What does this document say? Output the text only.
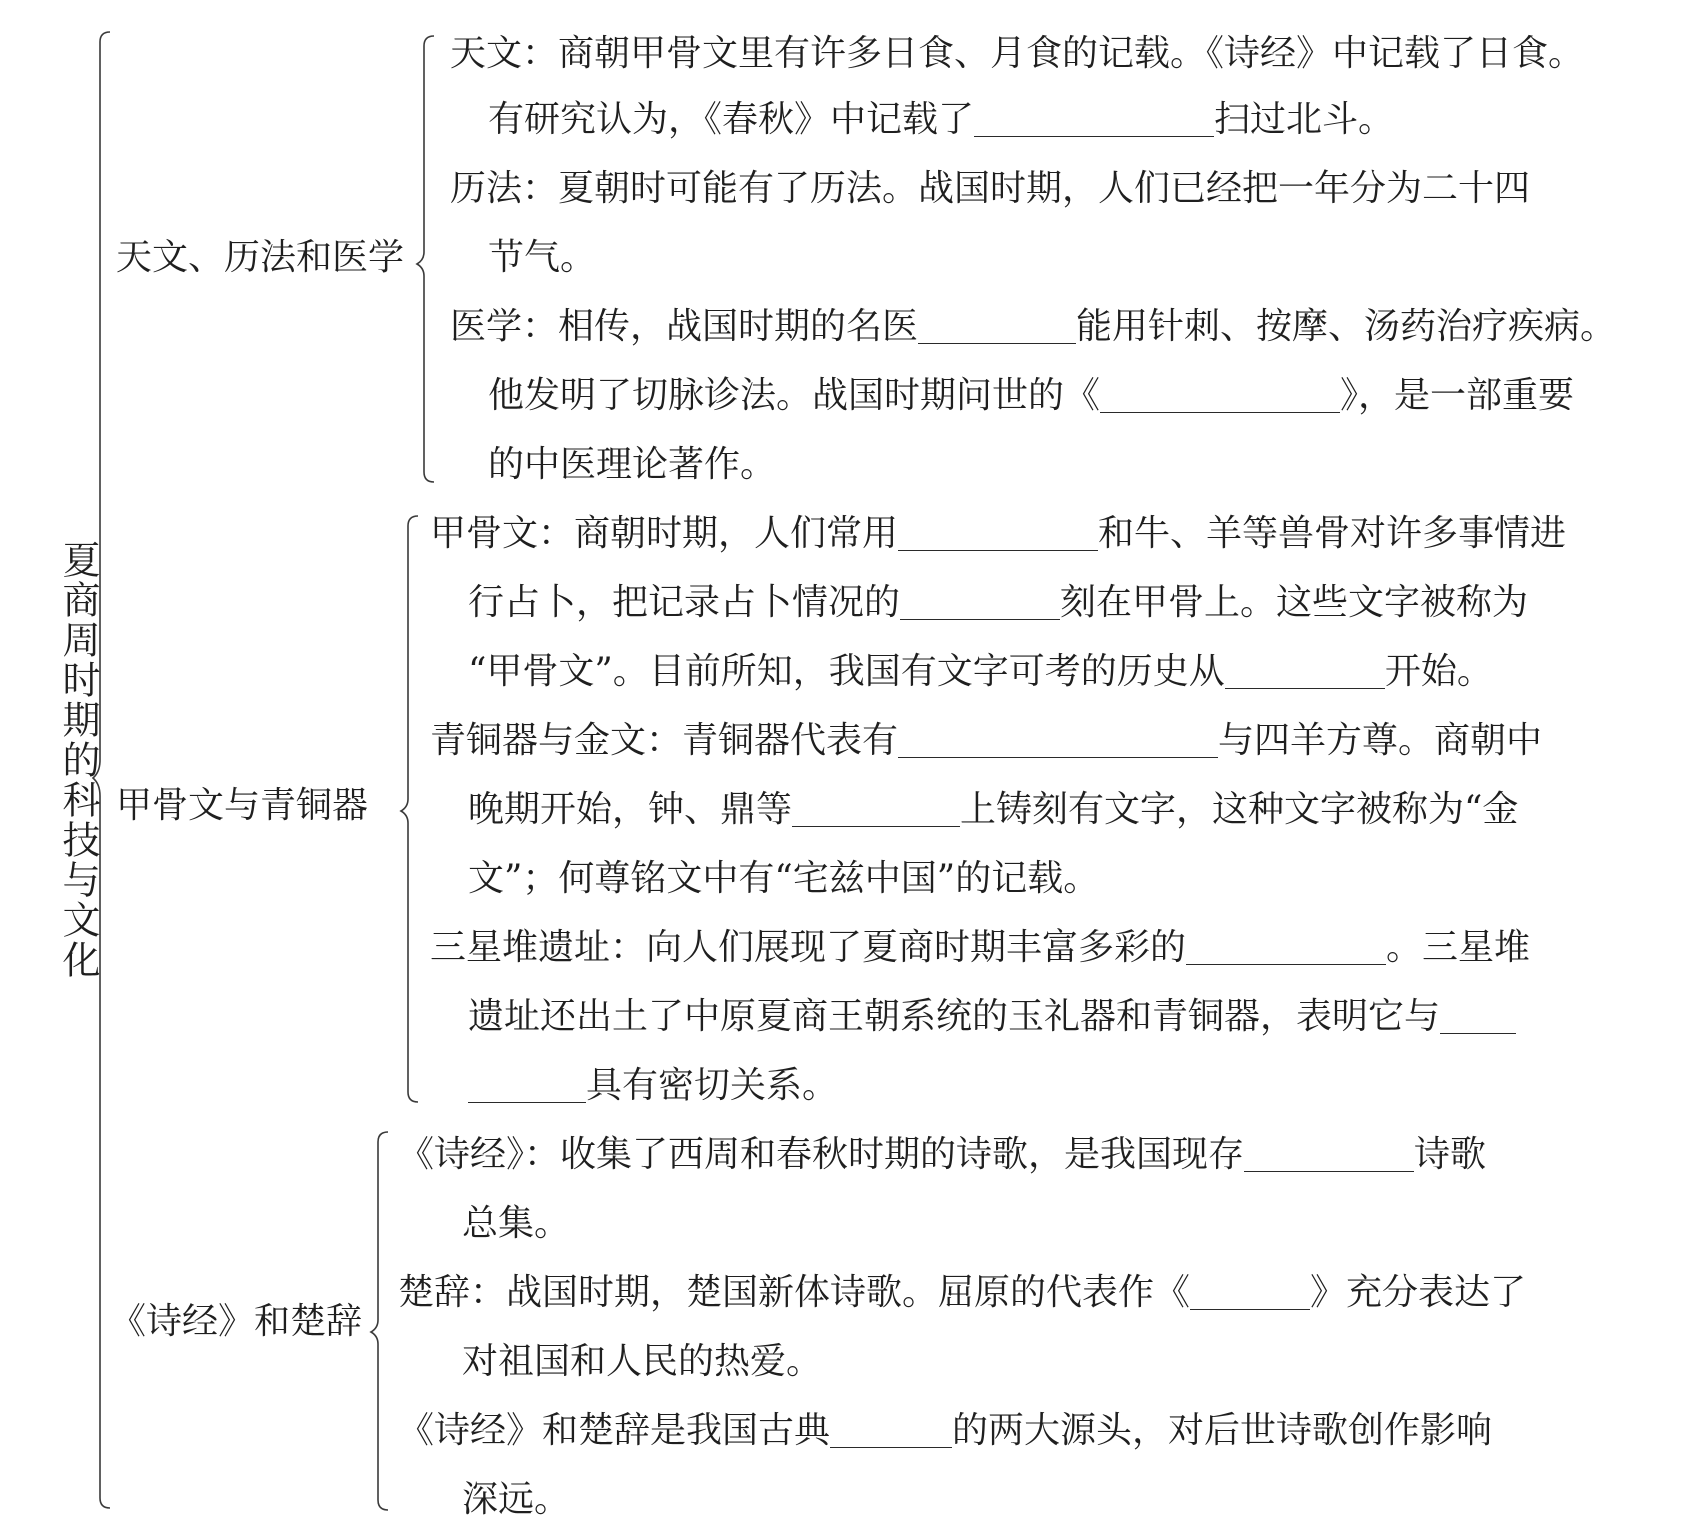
夏商周时期的科技与文化
天文、历法和医学
甲骨文与青铜器
《诗经》和楚辞
天文：商朝甲骨文里有许多日食、月食的记载。《诗经》中记载了日食。
有研究认为，《春秋》中记载了	扫过北斗。
历法：夏朝时可能有了历法。战国时期，人们已经把一年分为二十四
节气。
医学：相传，战国时期的名医	能用针刺、按摩、汤药治疗疾病。
他发明了切脉诊法。战国时期问世的《	》，是一部重要
的中医理论著作。
甲骨文：商朝时期，人们常用	和牛、羊等兽骨对许多事情进
行占卜，把记录占卜情况的	刻在甲骨上。这些文字被称为
“甲骨文”。目前所知，我国有文字可考的历史从	开始。
青铜器与金文：青铜器代表有	与四羊方尊。商朝中
晚期开始，钟、鼎等	上铸刻有文字，这种文字被称为“金
文”；何尊铭文中有“宅兹中国”的记载。
三星堆遗址：向人们展现了夏商时期丰富多彩的	。三星堆
遗址还出土了中原夏商王朝系统的玉礼器和青铜器，表明它与
具有密切关系。
《诗经》：收集了西周和春秋时期的诗歌，是我国现存	诗歌
总集。
楚辞：战国时期，楚国新体诗歌。屈原的代表作《	》充分表达了
对祖国和人民的热爱。
《诗经》和楚辞是我国古典	的两大源头，对后世诗歌创作影响
深远。
